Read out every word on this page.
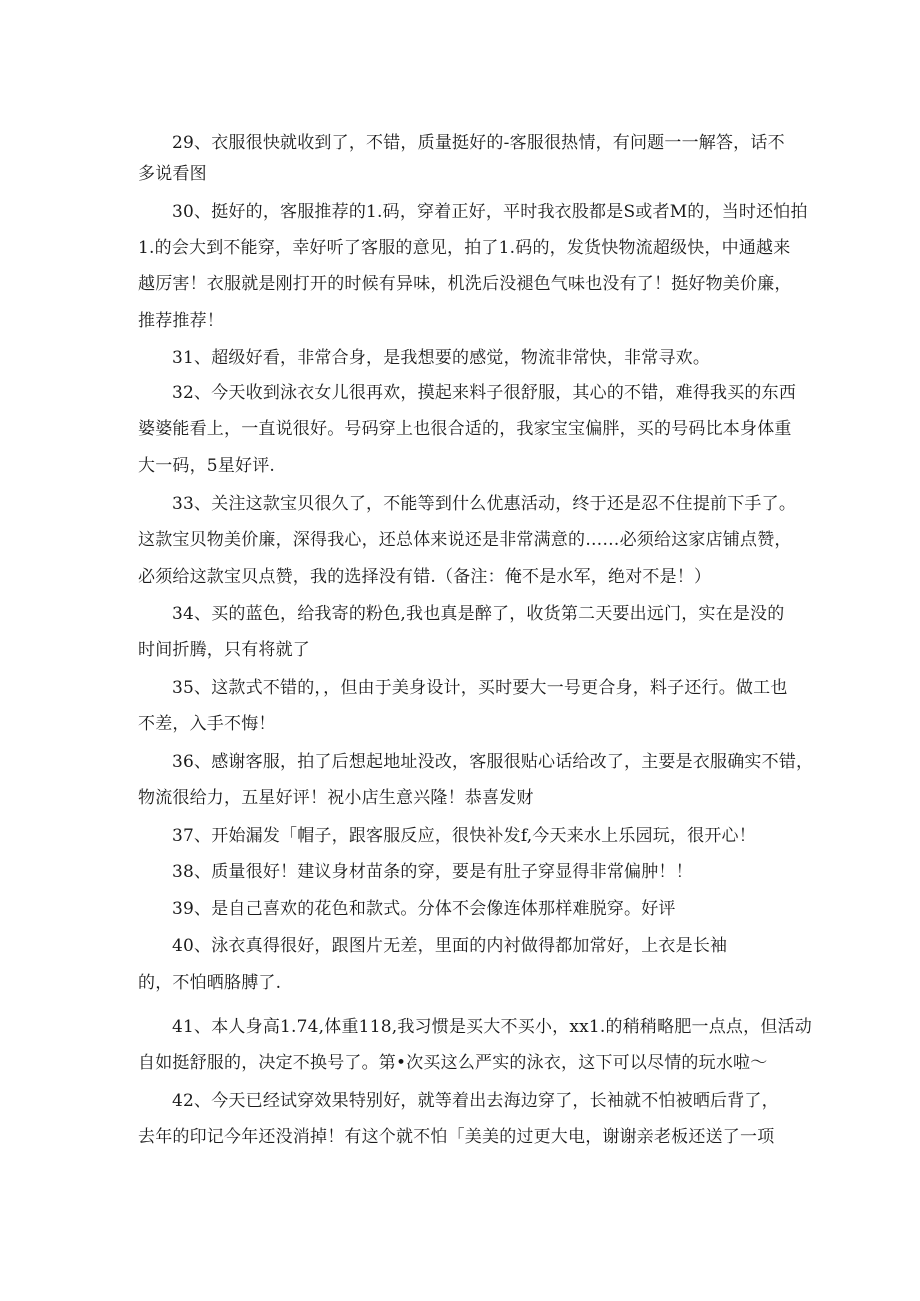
29、衣服很快就收到了，不错，质量挺好的-客服很热情，有问题一一解答，话不
多说看图
30、挺好的，客服推荐的1.码，穿着正好，平时我衣股都是S或者M的，当时还怕拍
1.的会大到不能穿，幸好听了客服的意见，拍了1.码的，发货快物流超级快，中通越来
越厉害！衣服就是刚打开的时候有异味，机洗后没褪色气味也没有了！挺好物美价廉，
推荐推荐！
31、超级好看，非常合身，是我想要的感觉，物流非常快，非常寻欢。
32、今天收到泳衣女儿很再欢，摸起来料子很舒服，其心的不错，难得我买的东西
婆婆能看上，一直说很好。号码穿上也很合适的，我家宝宝偏胖，买的号码比本身体重
大一码，5星好评.
33、关注这款宝贝很久了，不能等到什么优惠活动，终于还是忍不住提前下手了。
这款宝贝物美价廉，深得我心，还总体来说还是非常满意的……必须给这家店铺点赞，
必须给这款宝贝点赞，我的选择没有错.（备注：俺不是水军，绝对不是！）
34、买的蓝色，给我寄的粉色,我也真是醉了，收货第二天要出远门，实在是没的
时间折腾，只有将就了
35、这款式不错的，，但由于美身设计，买时要大一号更合身，料子还行。做工也
不差，入手不悔！
36、感谢客服，拍了后想起地址没改，客服很贴心话给改了，主要是衣服确实不错，
物流很给力，五星好评！祝小店生意兴隆！恭喜发财
37、开始漏发「帽子，跟客服反应，很快补发f,今天来水上乐园玩，很开心！
38、质量很好！建议身材苗条的穿，要是有肚子穿显得非常偏肿！！
39、是自己喜欢的花色和款式。分体不会像连体那样难脱穿。好评
40、泳衣真得很好，跟图片无差，里面的内衬做得都加常好，上衣是长袖
的，不怕晒胳膊了.
41、本人身高1.74,体重118,我习惯是买大不买小，xx1.的稍稍略肥一点点，但活动
自如挺舒服的，决定不换号了。第•次买这么严实的泳衣，这下可以尽情的玩水啦～
42、今天已经试穿效果特别好，就等着出去海边穿了，长袖就不怕被晒后背了，
去年的印记今年还没消掉！有这个就不怕「美美的过更大电，谢谢亲老板还送了一项
